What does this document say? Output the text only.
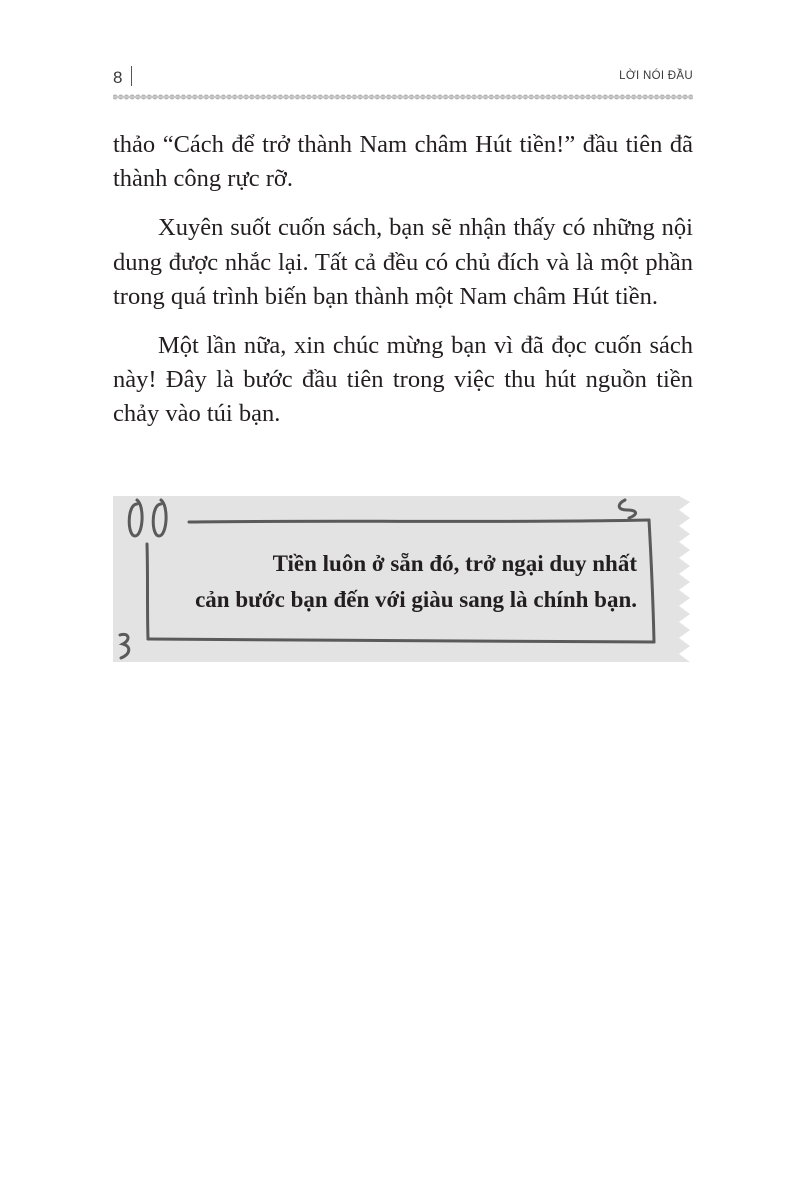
8	LỜI NÓI ĐẦU

thảo “Cách để trở thành Nam châm Hút tiền!” đầu tiên đã thành công rực rỡ.

Xuyên suốt cuốn sách, bạn sẽ nhận thấy có những nội dung được nhắc lại. Tất cả đều có chủ đích và là một phần trong quá trình biến bạn thành một Nam châm Hút tiền.

Một lần nữa, xin chúc mừng bạn vì đã đọc cuốn sách này! Đây là bước đầu tiên trong việc thu hút nguồn tiền chảy vào túi bạn.

Tiền luôn ở sẵn đó, trở ngại duy nhất
cản bước bạn đến với giàu sang là chính bạn.
